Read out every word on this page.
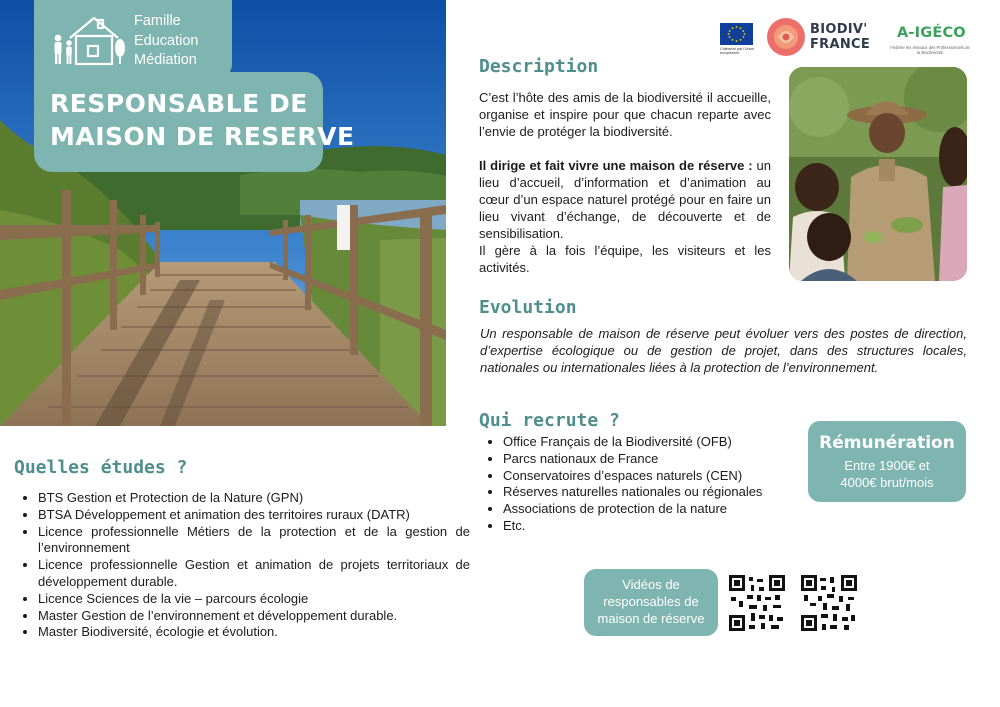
Famille
Education
Médiation
RESPONSABLE DE
MAISON DE RESERVE
Cofinancé par l'Union européenne
BIODIV'
FRANCE
A-IGÉCO
Fédérer les réseaux des Professionnels de la Biodiversité
Description

C’est l’hôte des amis de la biodiversité il accueille, organise et inspire pour que chacun reparte avec l’envie de protéger la biodiversité.

Il dirige et fait vivre une maison de réserve : un lieu d’accueil, d’information et d’animation au cœur d’un espace naturel protégé pour en faire un lieu vivant d’échange, de découverte et de sensibilisation.

Il gère à la fois l’équipe, les visiteurs et les activités.

Evolution

Un responsable de maison de réserve peut évoluer vers des postes de direction, d’expertise écologique ou de gestion de projet, dans des structures locales, nationales ou internationales liées à la protection de l’environnement.

Qui recrute ?
• Office Français de la Biodiversité (OFB)
• Parcs nationaux de France
• Conservatoires d’espaces naturels (CEN)
• Réserves naturelles nationales ou régionales
• Associations de protection de la nature
• Etc.
Rémunération
Entre 1900€ et
4000€ brut/mois
Quelles études ?
• BTS Gestion et Protection de la Nature (GPN)
• BTSA Développement et animation des territoires ruraux (DATR)
• Licence professionnelle Métiers de la protection et de la gestion de l’environnement
• Licence professionnelle Gestion et animation de projets territoriaux de développement durable.
• Licence Sciences de la vie – parcours écologie
• Master Gestion de l’environnement et développement durable.
• Master Biodiversité, écologie et évolution.
Vidéos de
responsables de
maison de réserve
